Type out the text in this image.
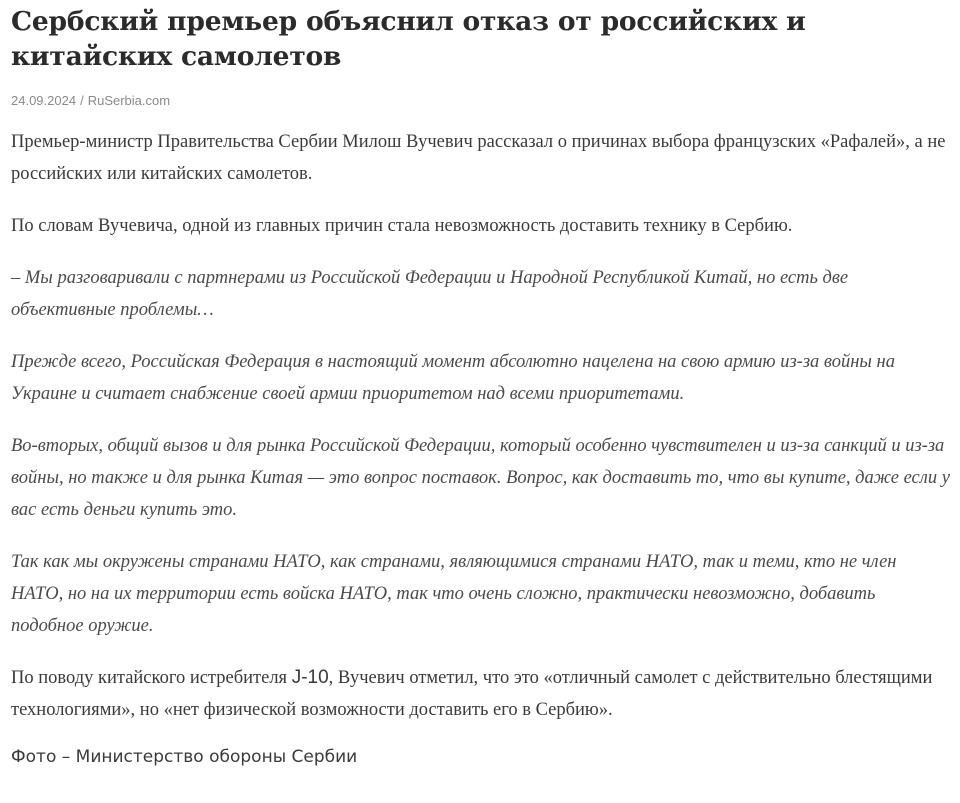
Сербский премьер объяснил отказ от российских и китайских самолетов
24.09.2024 / RuSerbia.com

Премьер-министр Правительства Сербии Милош Вучевич рассказал о причинах выбора французских «Рафалей», а не российских или китайских самолетов.

По словам Вучевича, одной из главных причин стала невозможность доставить технику в Сербию.

– Мы разговаривали с партнерами из Российской Федерации и Народной Республикой Китай, но есть две объективные проблемы…

Прежде всего, Российская Федерация в настоящий момент абсолютно нацелена на свою армию из-за войны на Украине и считает снабжение своей армии приоритетом над всеми приоритетами.

Во-вторых, общий вызов и для рынка Российской Федерации, который особенно чувствителен и из-за санкций и из-за войны, но также и для рынка Китая — это вопрос поставок. Вопрос, как доставить то, что вы купите, даже если у вас есть деньги купить это.

Так как мы окружены странами НАТО, как странами, являющимися странами НАТО, так и теми, кто не член НАТО, но на их территории есть войска НАТО, так что очень сложно, практически невозможно, добавить подобное оружие.

По поводу китайского истребителя J-10, Вучевич отметил, что это «отличный самолет с действительно блестящими технологиями», но «нет физической возможности доставить его в Сербию».

Фото – Министерство обороны Сербии
